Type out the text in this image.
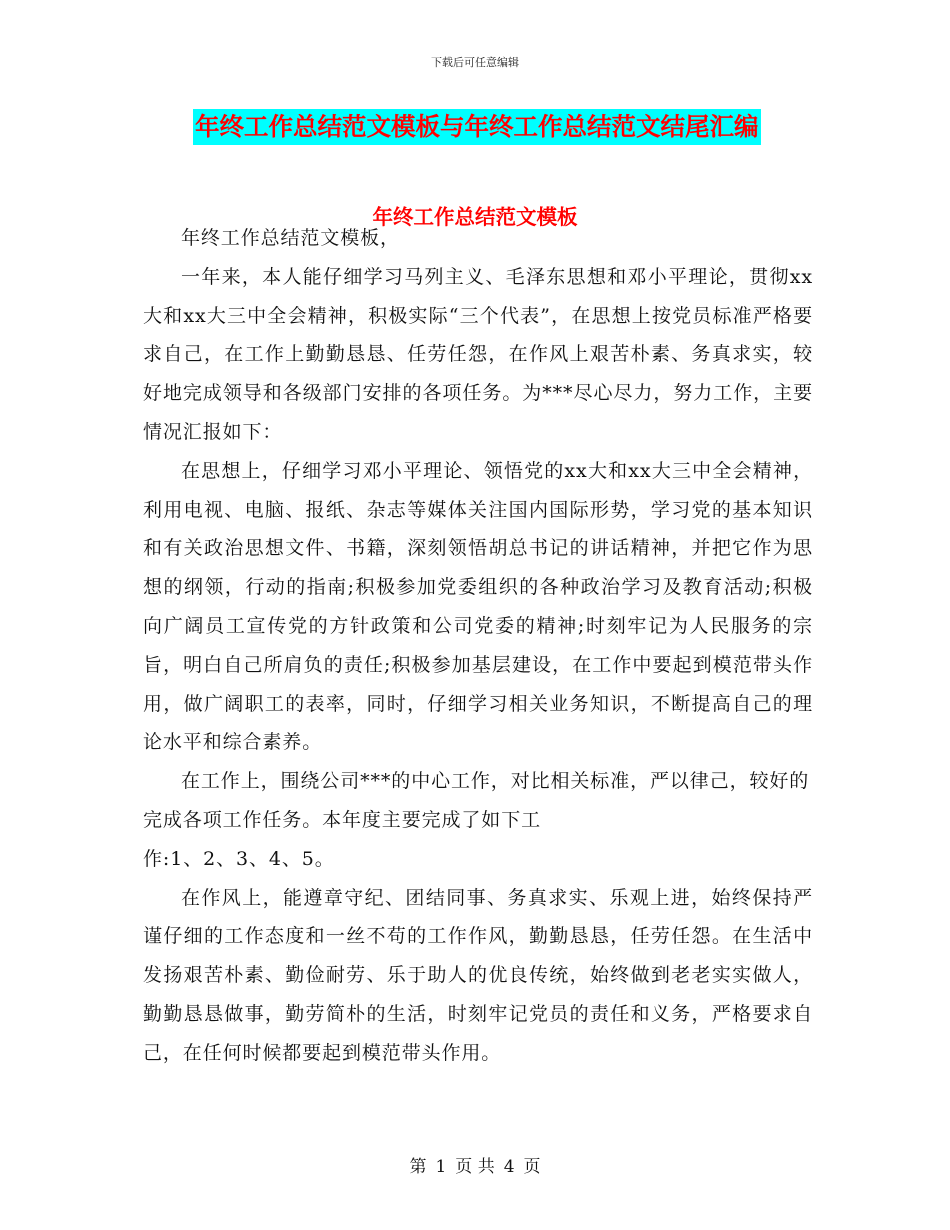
下载后可任意编辑
年终工作总结范文模板与年终工作总结范文结尾汇编
年终工作总结范文模板

年终工作总结范文模板，

一年来，本人能仔细学习马列主义、毛泽东思想和邓小平理论，贯彻xx大和xx大三中全会精神，积极实际“三个代表”，在思想上按党员标准严格要求自己，在工作上勤勤恳恳、任劳任怨，在作风上艰苦朴素、务真求实，较好地完成领导和各级部门安排的各项任务。为***尽心尽力，努力工作，主要情况汇报如下：

在思想上，仔细学习邓小平理论、领悟党的xx大和xx大三中全会精神，利用电视、电脑、报纸、杂志等媒体关注国内国际形势，学习党的基本知识和有关政治思想文件、书籍，深刻领悟胡总书记的讲话精神，并把它作为思想的纲领，行动的指南;积极参加党委组织的各种政治学习及教育活动;积极向广阔员工宣传党的方针政策和公司党委的精神;时刻牢记为人民服务的宗旨，明白自己所肩负的责任;积极参加基层建设，在工作中要起到模范带头作用，做广阔职工的表率，同时，仔细学习相关业务知识，不断提高自己的理论水平和综合素养。

在工作上，围绕公司***的中心工作，对比相关标准，严以律己，较好的完成各项工作任务。本年度主要完成了如下工

作:1、2、3、4、5。

在作风上，能遵章守纪、团结同事、务真求实、乐观上进，始终保持严谨仔细的工作态度和一丝不苟的工作作风，勤勤恳恳，任劳任怨。在生活中发扬艰苦朴素、勤俭耐劳、乐于助人的优良传统，始终做到老老实实做人，勤勤恳恳做事，勤劳简朴的生活，时刻牢记党员的责任和义务，严格要求自己，在任何时候都要起到模范带头作用。

第 1 页 共 4 页
